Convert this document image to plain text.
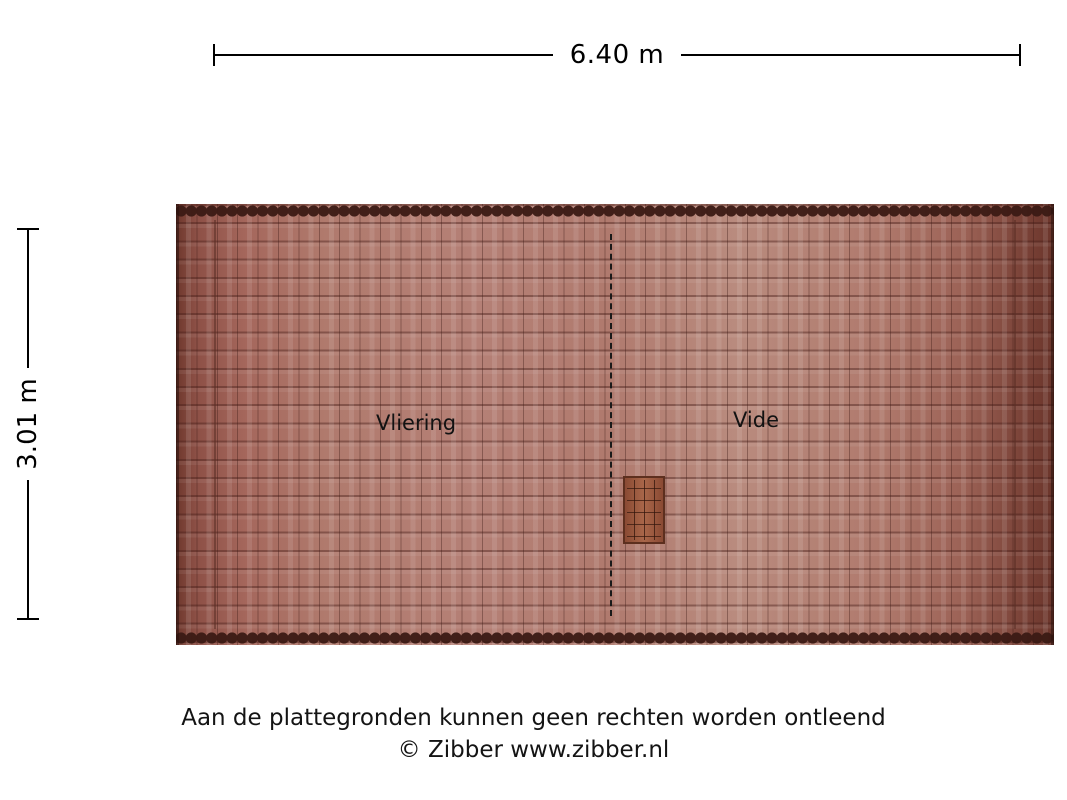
6.40 m
3.01 m	Vliering	Vide
Aan de plattegronden kunnen geen rechten worden ontleend
© Zibber www.zibber.nl
